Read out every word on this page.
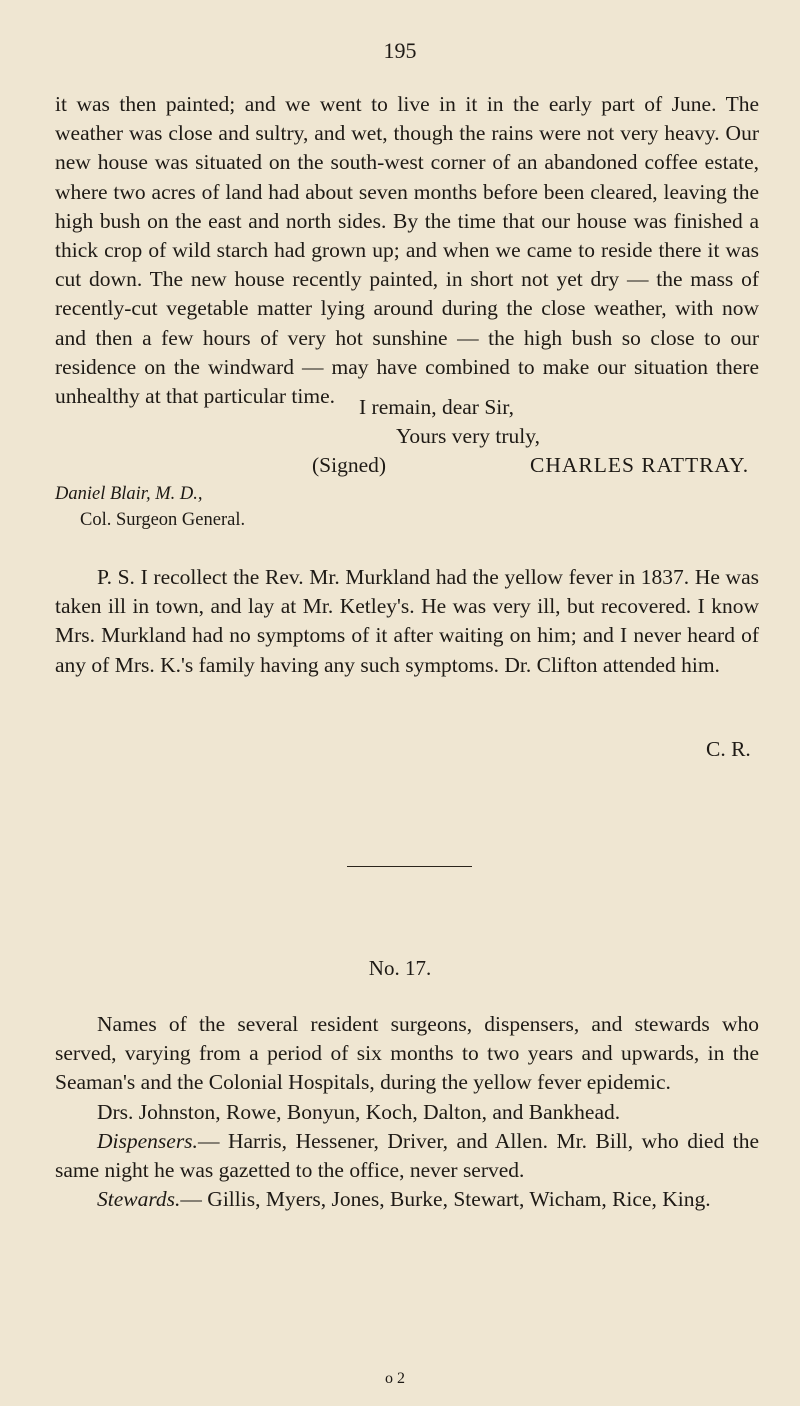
195

it was then painted; and we went to live in it in the early part of June. The weather was close and sultry, and wet, though the rains were not very heavy. Our new house was situated on the south-west corner of an abandoned coffee estate, where two acres of land had about seven months before been cleared, leaving the high bush on the east and north sides. By the time that our house was finished a thick crop of wild starch had grown up; and when we came to reside there it was cut down. The new house recently painted, in short not yet dry — the mass of recently-cut vegetable matter lying around during the close weather, with now and then a few hours of very hot sunshine — the high bush so close to our residence on the windward — may have combined to make our situation there unhealthy at that particular time.	I remain, dear Sir,
Yours very truly,
(Signed)	CHARLES RATTRAY.
Daniel Blair, M. D.,
Col. Surgeon General.

P. S. I recollect the Rev. Mr. Murkland had the yellow fever in 1837. He was taken ill in town, and lay at Mr. Ketley's. He was very ill, but recovered. I know Mrs. Murkland had no symptoms of it after waiting on him; and I never heard of any of Mrs. K.'s family having any such symptoms. Dr. Clifton attended him.

C. R.
No. 17.

Names of the several resident surgeons, dispensers, and stewards who served, varying from a period of six months to two years and upwards, in the Seaman's and the Colonial Hospitals, during the yellow fever epidemic.

Drs. Johnston, Rowe, Bonyun, Koch, Dalton, and Bankhead.

Dispensers.— Harris, Hessener, Driver, and Allen. Mr. Bill, who died the same night he was gazetted to the office, never served.

Stewards.— Gillis, Myers, Jones, Burke, Stewart, Wicham, Rice, King.

o 2
